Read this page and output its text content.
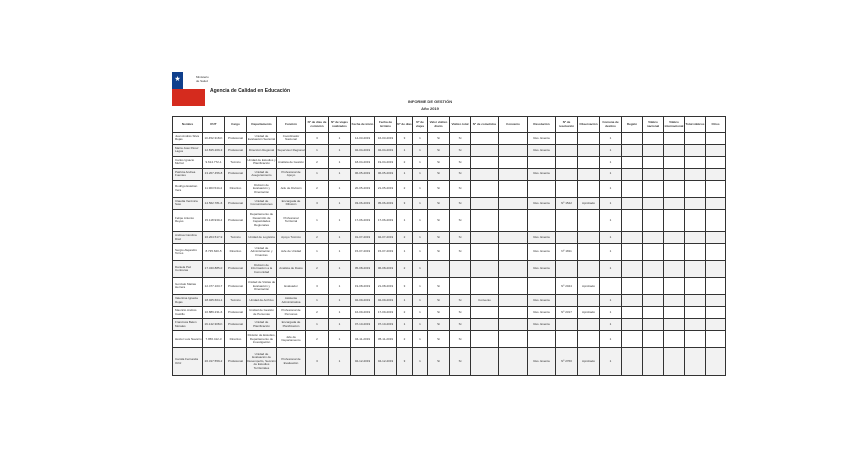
★	Ministerio
de Salud
Agencia de Calidad en Educación
INFORME DE GESTIÓN
Año 2019
Nombre	RUT	Cargo	Departamento	Función	Nº de días de comisión	Nº de viajes realizados	Fecha de inicio	Fecha de término	Nº de días	Nº de viajes	Valor viático diario	Viático total	Nº de cometidos	Convenio	Resolución	Nº de resolución	Observación	Comuna de destino	Región	Viático nacional	Viático internacional	Total viáticos	Otros
Juan Andrés Silva Rojas	10.452.318-K	Profesional	Unidad de Evaluación Sectorial	Coordinador Nacional	3	1	14-03-2019	16-03-2019	3	1	Sí	Sí			Res. Exenta			1					
María José Pérez Lagos	12.815.209-3	Profesional	Dirección Regional	Supervisor Regional	1	1	02-04-2019	02-04-2019	1	1	Sí	Sí			Res. Exenta			1					
Carlos Ignacio Muñoz	9.614.772-1	Técnico	Unidad de Estudios y Planificación	Analista de Gestión	2	1	18-04-2019	19-04-2019	2	1	Sí	Sí						1					
Patricia Andrea Fuentes	13.207.456-8	Profesional	Unidad de Aseguramiento	Profesional de Apoyo	1	1	06-05-2019	06-05-2019	1	1	Sí	Sí			Res. Exenta			1					
Rodrigo Esteban Vera	11.903.544-2	Directivo	División de Evaluación y Orientación	Jefe de División	2	1	20-05-2019	21-05-2019	2	1	Sí	Sí						1					
Claudia Verónica Soto	14.562.781-6	Profesional	Unidad de Comunicaciones	Encargada de Difusión	3	1	03-06-2019	05-06-2019	3	1	Sí	Sí			Res. Exenta	Nº 1542	Aprobado	1					
Felipe Antonio Reyes	15.118.930-4	Profesional	Departamento de Desarrollo de Capacidades Regionales	Profesional Territorial	1	1	17-06-2019	17-06-2019	1	1	Sí	Sí						1					
Andrea Carolina Díaz	16.204.517-9	Técnico	Unidad de Logística	Apoyo Técnico	2	1	01-07-2019	02-07-2019	2	1	Sí	Sí			Res. Exenta			1					
Sergio Alejandro Torres	8.735.620-5	Directivo	Unidad de Administración y Finanzas	Jefe de Unidad	1	1	15-07-2019	15-07-2019	1	1	Sí	Sí			Res. Exenta	Nº 1811		1					
Daniela Paz Contreras	17.340.885-0	Profesional	División de Información a la Comunidad	Analista de Datos	2	1	05-08-2019	06-08-2019	2	1					Res. Exenta			1					
Gonzalo Matías Herrera	12.477.103-7	Profesional	Unidad de Visitas de Evaluación y Orientación	Evaluador	3	1	19-08-2019	21-08-2019	3	1	Sí					Nº 2044	Aprobado						
Valentina Ignacia Rojas	18.025.664-1	Técnico	Unidad de Archivo	Asistente Administrativa	1	1	02-09-2019	02-09-2019	1	1	Sí	Sí	Convenio		Res. Exenta			1					
Mauricio Andrés Castillo	10.889.231-6	Profesional	Unidad de Gestión de Personas	Profesional de Personas	2	1	16-09-2019	17-09-2019	2	1	Sí	Sí			Res. Exenta	Nº 2317	Aprobado	1					
Francisca Belén Morales	19.142.308-K	Profesional	Unidad de Planificación	Encargada de Planificación	1	1	07-10-2019	07-10-2019	1	1	Sí	Sí			Res. Exenta			1					
Héctor Luis Navarro	7.956.412-3	Directivo	División de Estudios, Departamento de Investigación	Jefe de Departamento	2	1	04-11-2019	05-11-2019	2	1	Sí	Sí						1					
Camila Fernanda Ortiz	20.317.559-2	Profesional	Unidad de Evaluación de Desempeño, Sección de Estudios Territoriales	Profesional de Evaluación	3	1	02-12-2019	04-12-2019	3	1	Sí	Sí			Res. Exenta	Nº 2760	Aprobado	1					
